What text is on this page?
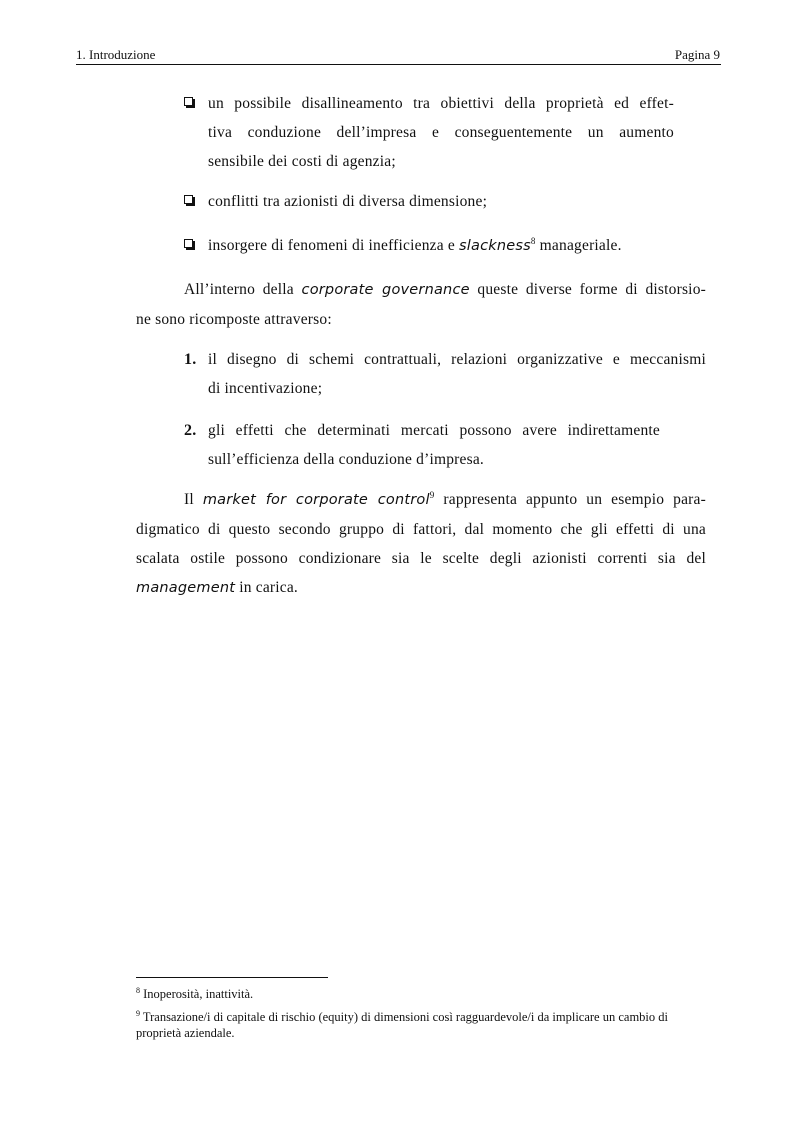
1. Introduzione	Pagina 9
un possibile disallineamento tra obiettivi della proprietà ed effet-
tiva conduzione dell’impresa e conseguentemente un aumento
sensibile dei costi di agenzia;
conflitti tra azionisti di diversa dimensione;
insorgere di fenomeni di inefficienza e slackness$^8$ manageriale.
All’interno della corporate governance queste diverse forme di distorsio-
ne sono ricomposte attraverso:
1. il disegno di schemi contrattuali, relazioni organizzative e meccanismi
di incentivazione;
2. gli effetti che determinati mercati possono avere indirettamente
sull’efficienza della conduzione d’impresa.
Il market for corporate control$^9$ rappresenta appunto un esempio para-
digmatico di questo secondo gruppo di fattori, dal momento che gli effetti di una
scalata ostile possono condizionare sia le scelte degli azionisti correnti sia del
management in carica.
$^8$ Inoperosità, inattività.
$^9$ Transazione/i di capitale di rischio (equity) di dimensioni così ragguardevole/i da implicare un cambio di proprietà aziendale.
